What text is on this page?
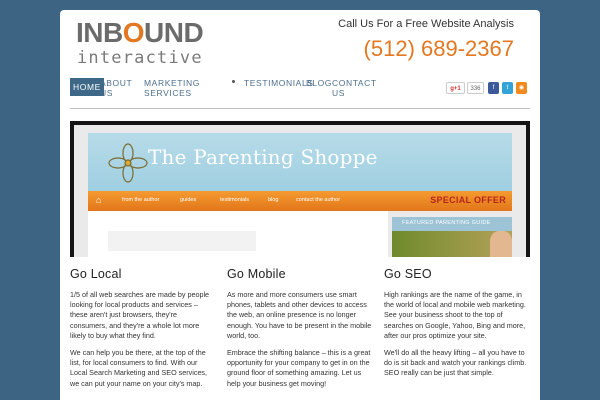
INBOUND
interactive
Call Us For a Free Website Analysis
(512) 689-2367
HOME ABOUT US
MARKETING SERVICES
TESTIMONIALS
BLOG CONTACT US	g+1	336	f	t	◉
The Parenting Shoppe
⌂	from the author	guides	testimonials	blog	contact the author	SPECIAL OFFER
FEATURED PARENTING GUIDE
Go Local

1/5 of all web searches are made by people looking for local products and services – these aren't just browsers, they're consumers, and they're a whole lot more likely to buy what they find.

We can help you be there, at the top of the list, for local consumers to find. With our Local Search Marketing and SEO services, we can put your name on your city's map.

Go Mobile

As more and more consumers use smart phones, tablets and other devices to access the web, an online presence is no longer enough. You have to be present in the mobile world, too.

Embrace the shifting balance – this is a great opportunity for your company to get in on the ground floor of something amazing. Let us help your business get moving!

Go SEO

High rankings are the name of the game, in the world of local and mobile web marketing. See your business shoot to the top of searches on Google, Yahoo, Bing and more, after our pros optimize your site.

We'll do all the heavy lifting – all you have to do is sit back and watch your rankings climb. SEO really can be just that simple.
